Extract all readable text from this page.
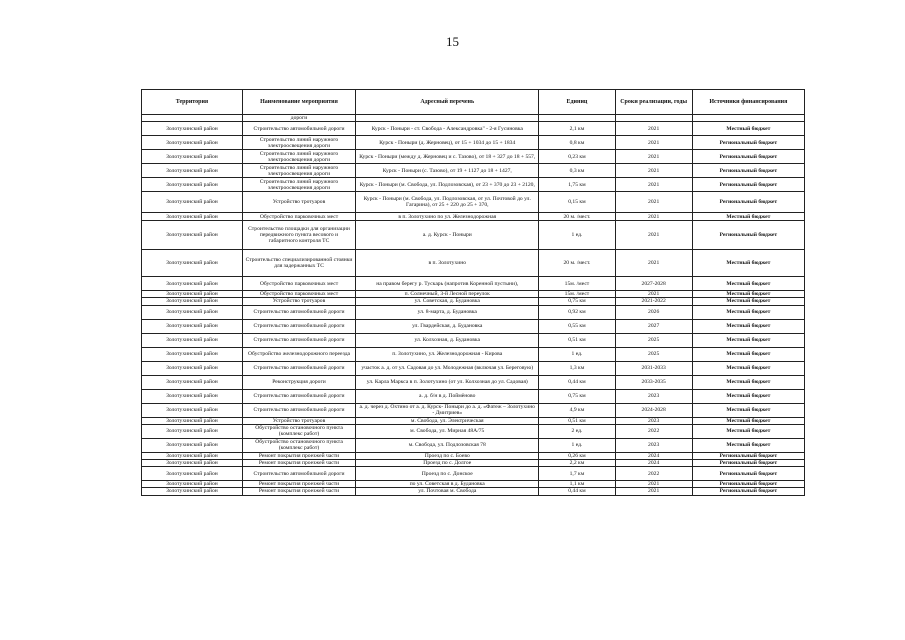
15
Территория	Наименование мероприятия	Адресный перечень	Единиц	Сроки реализации, годы	Источники финансирования
	дороги				
Золотухинский район	Строительство автомобильной дороги	Курск - Поныри - ст. Свобода - Александровка" - 2-я Гусиновка	2,1 км	2021	Местный бюджет
Золотухинский район	Строительство линий наружного электроосвещения дороги	Курск - Поныри (д. Жерновец), от 15 + 1034 до 15 + 1834	0,8 км	2021	Региональный бюджет
Золотухинский район	Строительство линий наружного электроосвещения дороги	Курск - Поныри (между д. Жерновец и с. Тазово), от 18 + 327 до 18 + 557,	0,23 км	2021	Региональный бюджет
Золотухинский район	Строительство линий наружного электроосвещения дороги	Курск - Поныри (с. Тазово), от 19 + 1127 до 18 + 1427,	0,3 км	2021	Региональный бюджет
Золотухинский район	Строительство линий наружного электроосвещения дороги	Курск - Поныри (м. Свобода, ул. Подлозовская), от 23 + 370 до 23 + 2120,	1,75 км	2021	Региональный бюджет
Золотухинский район	Устройство тротуаров	Курск - Поныри (м. Свобода, ул. Подлозовская, от ул. Почтовой до ул. Гагарина), от 25 + 220 до 25 + 370,	0,15 км	2021	Региональный бюджет
Золотухинский район	Обустройство парковочных мест	в п. Золотухино по ул. Железнодорожная	20 м. /мест.	2021	Местный бюджет
Золотухинский район	Строительство площадки для организации передвижного пункта весового и габаритного контроля ТС	а. д. Курск - Поныри	1 ед.	2021	Региональный бюджет
Золотухинский район	Строительство специализированной стоянки для задержанных ТС	в п. Золотухино	20 м. /мест.	2021	Местный бюджет
Золотухинский район	Обустройство парковочных мест	на правом берегу р. Тускарь (напротив Коренной пустыни),	15м. /мест	2027-2028	Местный бюджет
Золотухинский район	Обустройство парковочных мест	п. Солнечный, 3-й Лесной переулок	15м. /мест	2021	Местный бюджет
Золотухинский район	Устройство тротуаров	ул. Советская, д. Будановка	0,75 км	2021-2022	Местный бюджет
Золотухинский район	Строительство автомобильной дороги	ул. 8-марта, д. Будановка	0,92 км	2026	Местный бюджет
Золотухинский район	Строительство автомобильной дороги	ул. Гвардейская, д. Будановка	0,55 км	2027	Местный бюджет
Золотухинский район	Строительство автомобильной дороги	ул. Колхозная, д. Будановка	0,51 км	2025	Местный бюджет
Золотухинский район	Обустройство железнодорожного переезда	п. Золотухино, ул. Железнодорожная - Кирова	1 ед.	2025	Местный бюджет
Золотухинский район	Строительство автомобильной дороги	участок а. д. от ул. Садовая до ул. Молодежная (включая ул. Береговую)	1,3 км	2031-2033	Местный бюджет
Золотухинский район	Реконструкция дороги	ул. Карла Маркса в п. Золотухино (от ул. Колхозная до ул. Садовая)	0,44 км	2033-2035	Местный бюджет
Золотухинский район	Строительство автомобильной дороги	а. д. б/н в д. Поймёново	0,75 км	2023	Местный бюджет
Золотухинский район	Строительство автомобильной дороги	а. д. через д. Охтино от а. д. Курск- Поныри до а. д. «Фатеж – Золотухино - Дмитриев»	4,9 км	2024-2028	Местный бюджет
Золотухинский район	Устройство тротуаров	м. Свобода, ул. Электрическая	0,51 км	2023	Местный бюджет
Золотухинский район	Обустройство остановочного пункта (комплекс работ)	м. Свобода, ул. Мирная 48А/75	2 ед.	2022	Местный бюджет
Золотухинский район	Обустройство остановочного пункта (комплекс работ)	м. Свобода, ул. Подлозовская 78	1 ед.	2023	Местный бюджет
Золотухинский район	Ремонт покрытия проезжей части	Проезд по с. Боево	0,26 км	2024	Региональный бюджет
Золотухинский район	Ремонт покрытия проезжей части	Проезд по с. Долгое	2,2 км	2024	Региональный бюджет
Золотухинский район	Строительство автомобильной дороги	Проезд по с. Донское	1,7 км	2022	Региональный бюджет
Золотухинский район	Ремонт покрытия проезжей части	по ул. Советская в д. Будановка	1,1 км	2021	Региональный бюджет
Золотухинский район	Ремонт покрытия проезжей части	ул. Почтовая м. Свобода	0,44 км	2021	Региональный бюджет
